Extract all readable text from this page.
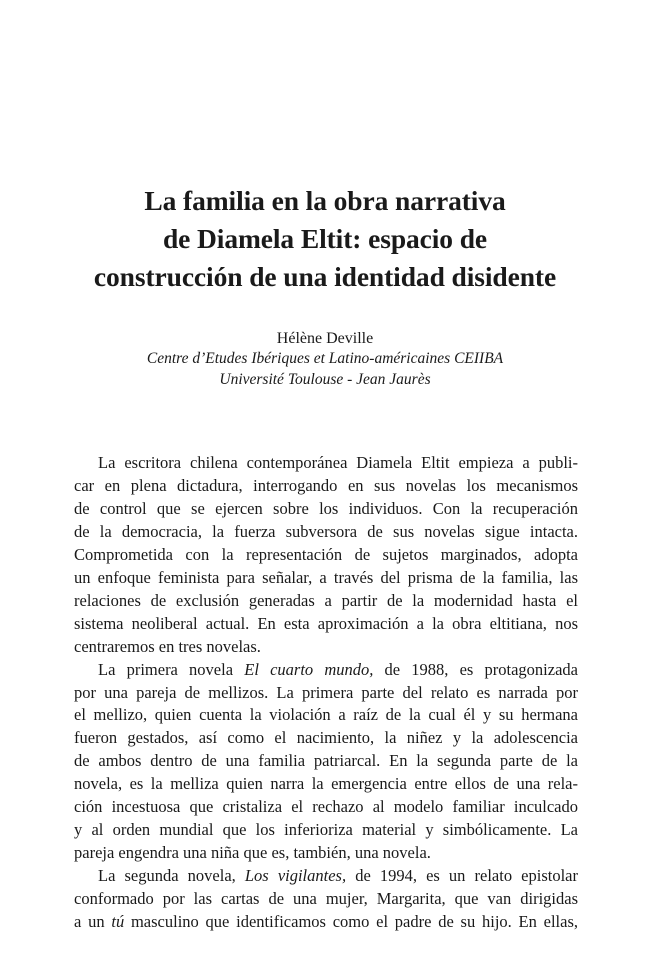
La familia en la obra narrativa
de Diamela Eltit: espacio de
construcción de una identidad disidente
Hélène Deville
Centre d’Etudes Ibériques et Latino-américaines CEIIBA
Université Toulouse - Jean Jaurès

La escritora chilena contemporánea Diamela Eltit empieza a publi-
car en plena dictadura, interrogando en sus novelas los mecanismos
de control que se ejercen sobre los individuos. Con la recuperación
de la democracia, la fuerza subversora de sus novelas sigue intacta.
Comprometida con la representación de sujetos marginados, adopta
un enfoque feminista para señalar, a través del prisma de la familia, las
relaciones de exclusión generadas a partir de la modernidad hasta el
sistema neoliberal actual. En esta aproximación a la obra eltitiana, nos
centraremos en tres novelas.

La primera novela El cuarto mundo, de 1988, es protagonizada
por una pareja de mellizos. La primera parte del relato es narrada por
el mellizo, quien cuenta la violación a raíz de la cual él y su hermana
fueron gestados, así como el nacimiento, la niñez y la adolescencia
de ambos dentro de una familia patriarcal. En la segunda parte de la
novela, es la melliza quien narra la emergencia entre ellos de una rela-
ción incestuosa que cristaliza el rechazo al modelo familiar inculcado
y al orden mundial que los inferioriza material y simbólicamente. La
pareja engendra una niña que es, también, una novela.

La segunda novela, Los vigilantes, de 1994, es un relato epistolar
conformado por las cartas de una mujer, Margarita, que van dirigidas
a un tú masculino que identificamos como el padre de su hijo. En ellas,
